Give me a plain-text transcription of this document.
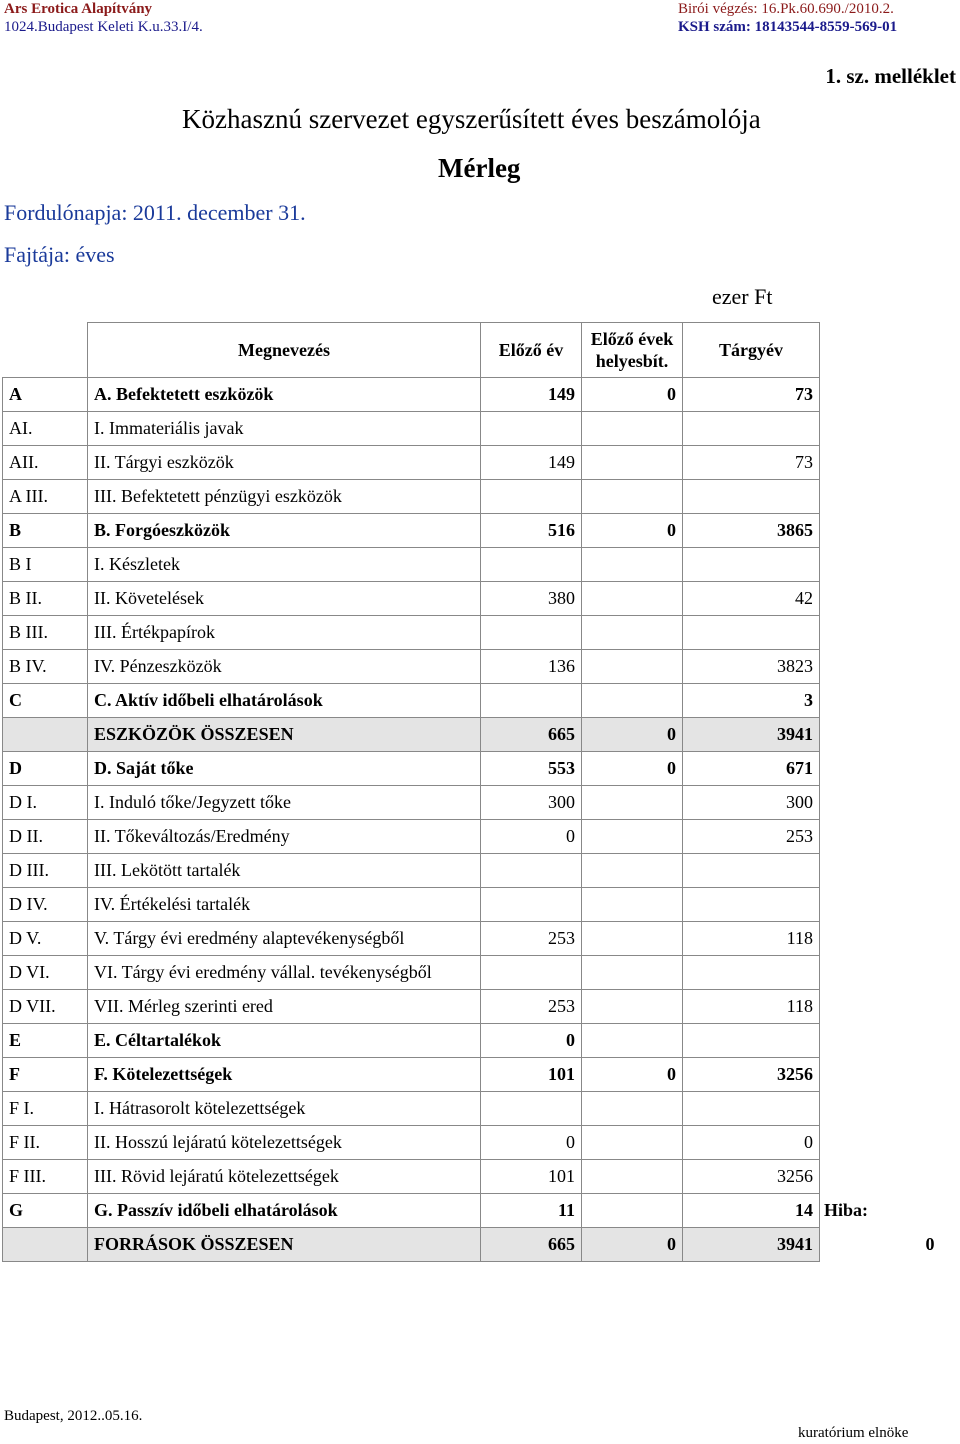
Ars Erotica Alapítvány
1024.Budapest Keleti K.u.33.I/4.
Birói végzés: 16.Pk.60.690./2010.2.
KSH szám: 18143544-8559-569-01
1. sz. melléklet
Közhasznú szervezet egyszerűsített éves beszámolója
Mérleg
Fordulónapja: 2011. december 31.
Fajtája: éves
ezer Ft
	Megnevezés	Előző év	Előző évek helyesbít.	Tárgyév	
A	A. Befektetett eszközök	149	0	73	
AI.	I. Immateriális javak				
AII.	II. Tárgyi eszközök	149		73	
A III.	III. Befektetett pénzügyi eszközök				
B	B. Forgóeszközök	516	0	3865	
B I	I. Készletek				
B II.	II. Követelések	380		42	
B III.	III. Értékpapírok				
B IV.	IV. Pénzeszközök	136		3823	
C	C. Aktív időbeli elhatárolások			3	
	ESZKÖZÖK ÖSSZESEN	665	0	3941	
D	D. Saját tőke	553	0	671	
D I.	I. Induló tőke/Jegyzett tőke	300		300	
D II.	II. Tőkeváltozás/Eredmény	0		253	
D III.	III. Lekötött tartalék				
D IV.	IV. Értékelési tartalék				
D V.	V. Tárgy évi eredmény alaptevékenységből	253		118	
D VI.	VI. Tárgy évi eredmény vállal. tevékenységből				
D VII.	VII. Mérleg szerinti ered	253		118	
E	E. Céltartalékok	0			
F	F. Kötelezettségek	101	0	3256	
F I.	I. Hátrasorolt kötelezettségek				
F II.	II. Hosszú lejáratú kötelezettségek	0		0	
F III.	III. Rövid lejáratú kötelezettségek	101		3256	
G	G. Passzív időbeli elhatárolások	11		14	Hiba:
	FORRÁSOK ÖSSZESEN	665	0	3941	0
Budapest, 2012..05.16.
kuratórium elnöke
